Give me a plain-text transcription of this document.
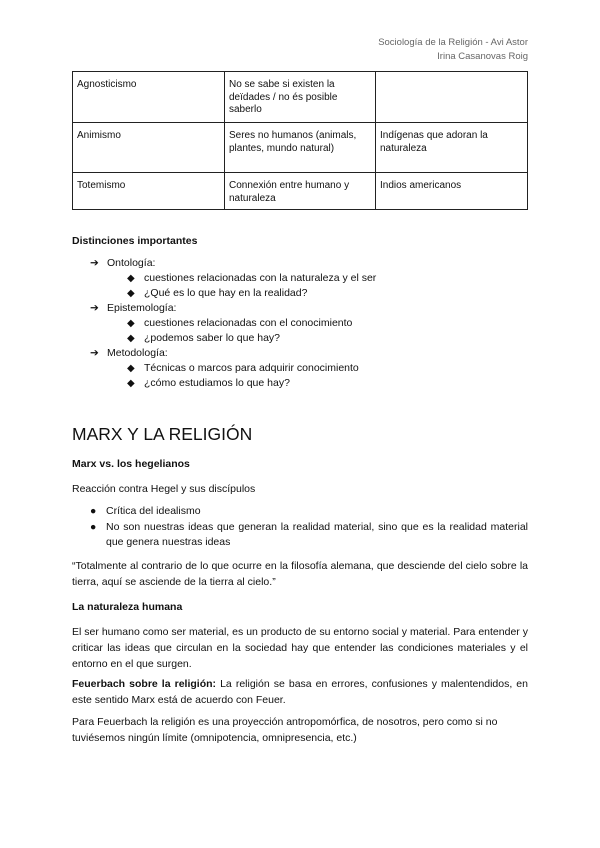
Sociología de la Religión - Avi Astor
Irina Casanovas Roig
Agnosticismo	No se sabe si existen la deïdades / no és posible saberlo	
Animismo	Seres no humanos (animals, plantes, mundo natural)	Indígenas que adoran la naturaleza
Totemismo	Connexión entre humano y naturaleza	Indios americanos
Distinciones importantes
➔ Ontología:
◆ cuestiones relacionadas con la naturaleza y el ser
◆ ¿Qué es lo que hay en la realidad?
➔ Epistemología:
◆ cuestiones relacionadas con el conocimiento
◆ ¿podemos saber lo que hay?
➔ Metodología:
◆ Técnicas o marcos para adquirir conocimiento
◆ ¿cómo estudiamos lo que hay?
MARX Y LA RELIGIÓN
Marx vs. los hegelianos
Reacción contra Hegel y sus discípulos
● Crítica del idealismo
● No son nuestras ideas que generan la realidad material, sino que es la realidad material que genera nuestras ideas
“Totalmente al contrario de lo que ocurre en la filosofía alemana, que desciende del cielo sobre la tierra, aquí se asciende de la tierra al cielo.”
La naturaleza humana
El ser humano como ser material, es un producto de su entorno social y material. Para entender y criticar las ideas que circulan en la sociedad hay que entender las condiciones materiales y el entorno en el que surgen.
Feuerbach sobre la religión: La religión se basa en errores, confusiones y malentendidos, en este sentido Marx está de acuerdo con Feuer.
Para Feuerbach la religión es una proyección antropomórfica, de nosotros, pero como si no tuviésemos ningún límite (omnipotencia, omnipresencia, etc.)
